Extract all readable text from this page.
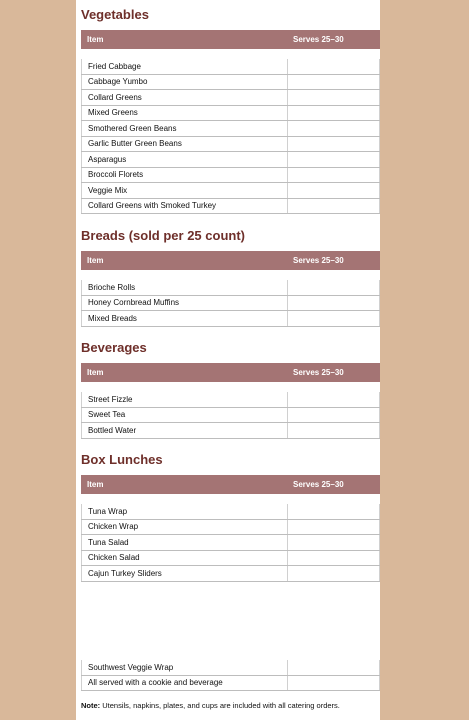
Vegetables
Item	Serves 25–30
Fried Cabbage
Cabbage Yumbo
Collard Greens
Mixed Greens
Smothered Green Beans
Garlic Butter Green Beans
Asparagus
Broccoli Florets
Veggie Mix
Collard Greens with Smoked Turkey
Breads (sold per 25 count)
Item	Serves 25–30
Brioche Rolls
Honey Cornbread Muffins
Mixed Breads
Beverages
Item	Serves 25–30
Street Fizzle
Sweet Tea
Bottled Water
Box Lunches
Item	Serves 25–30
Tuna Wrap
Chicken Wrap
Tuna Salad
Chicken Salad
Cajun Turkey Sliders
Southwest Veggie Wrap
All served with a cookie and beverage
Note: Utensils, napkins, plates, and cups are included with all catering orders.
